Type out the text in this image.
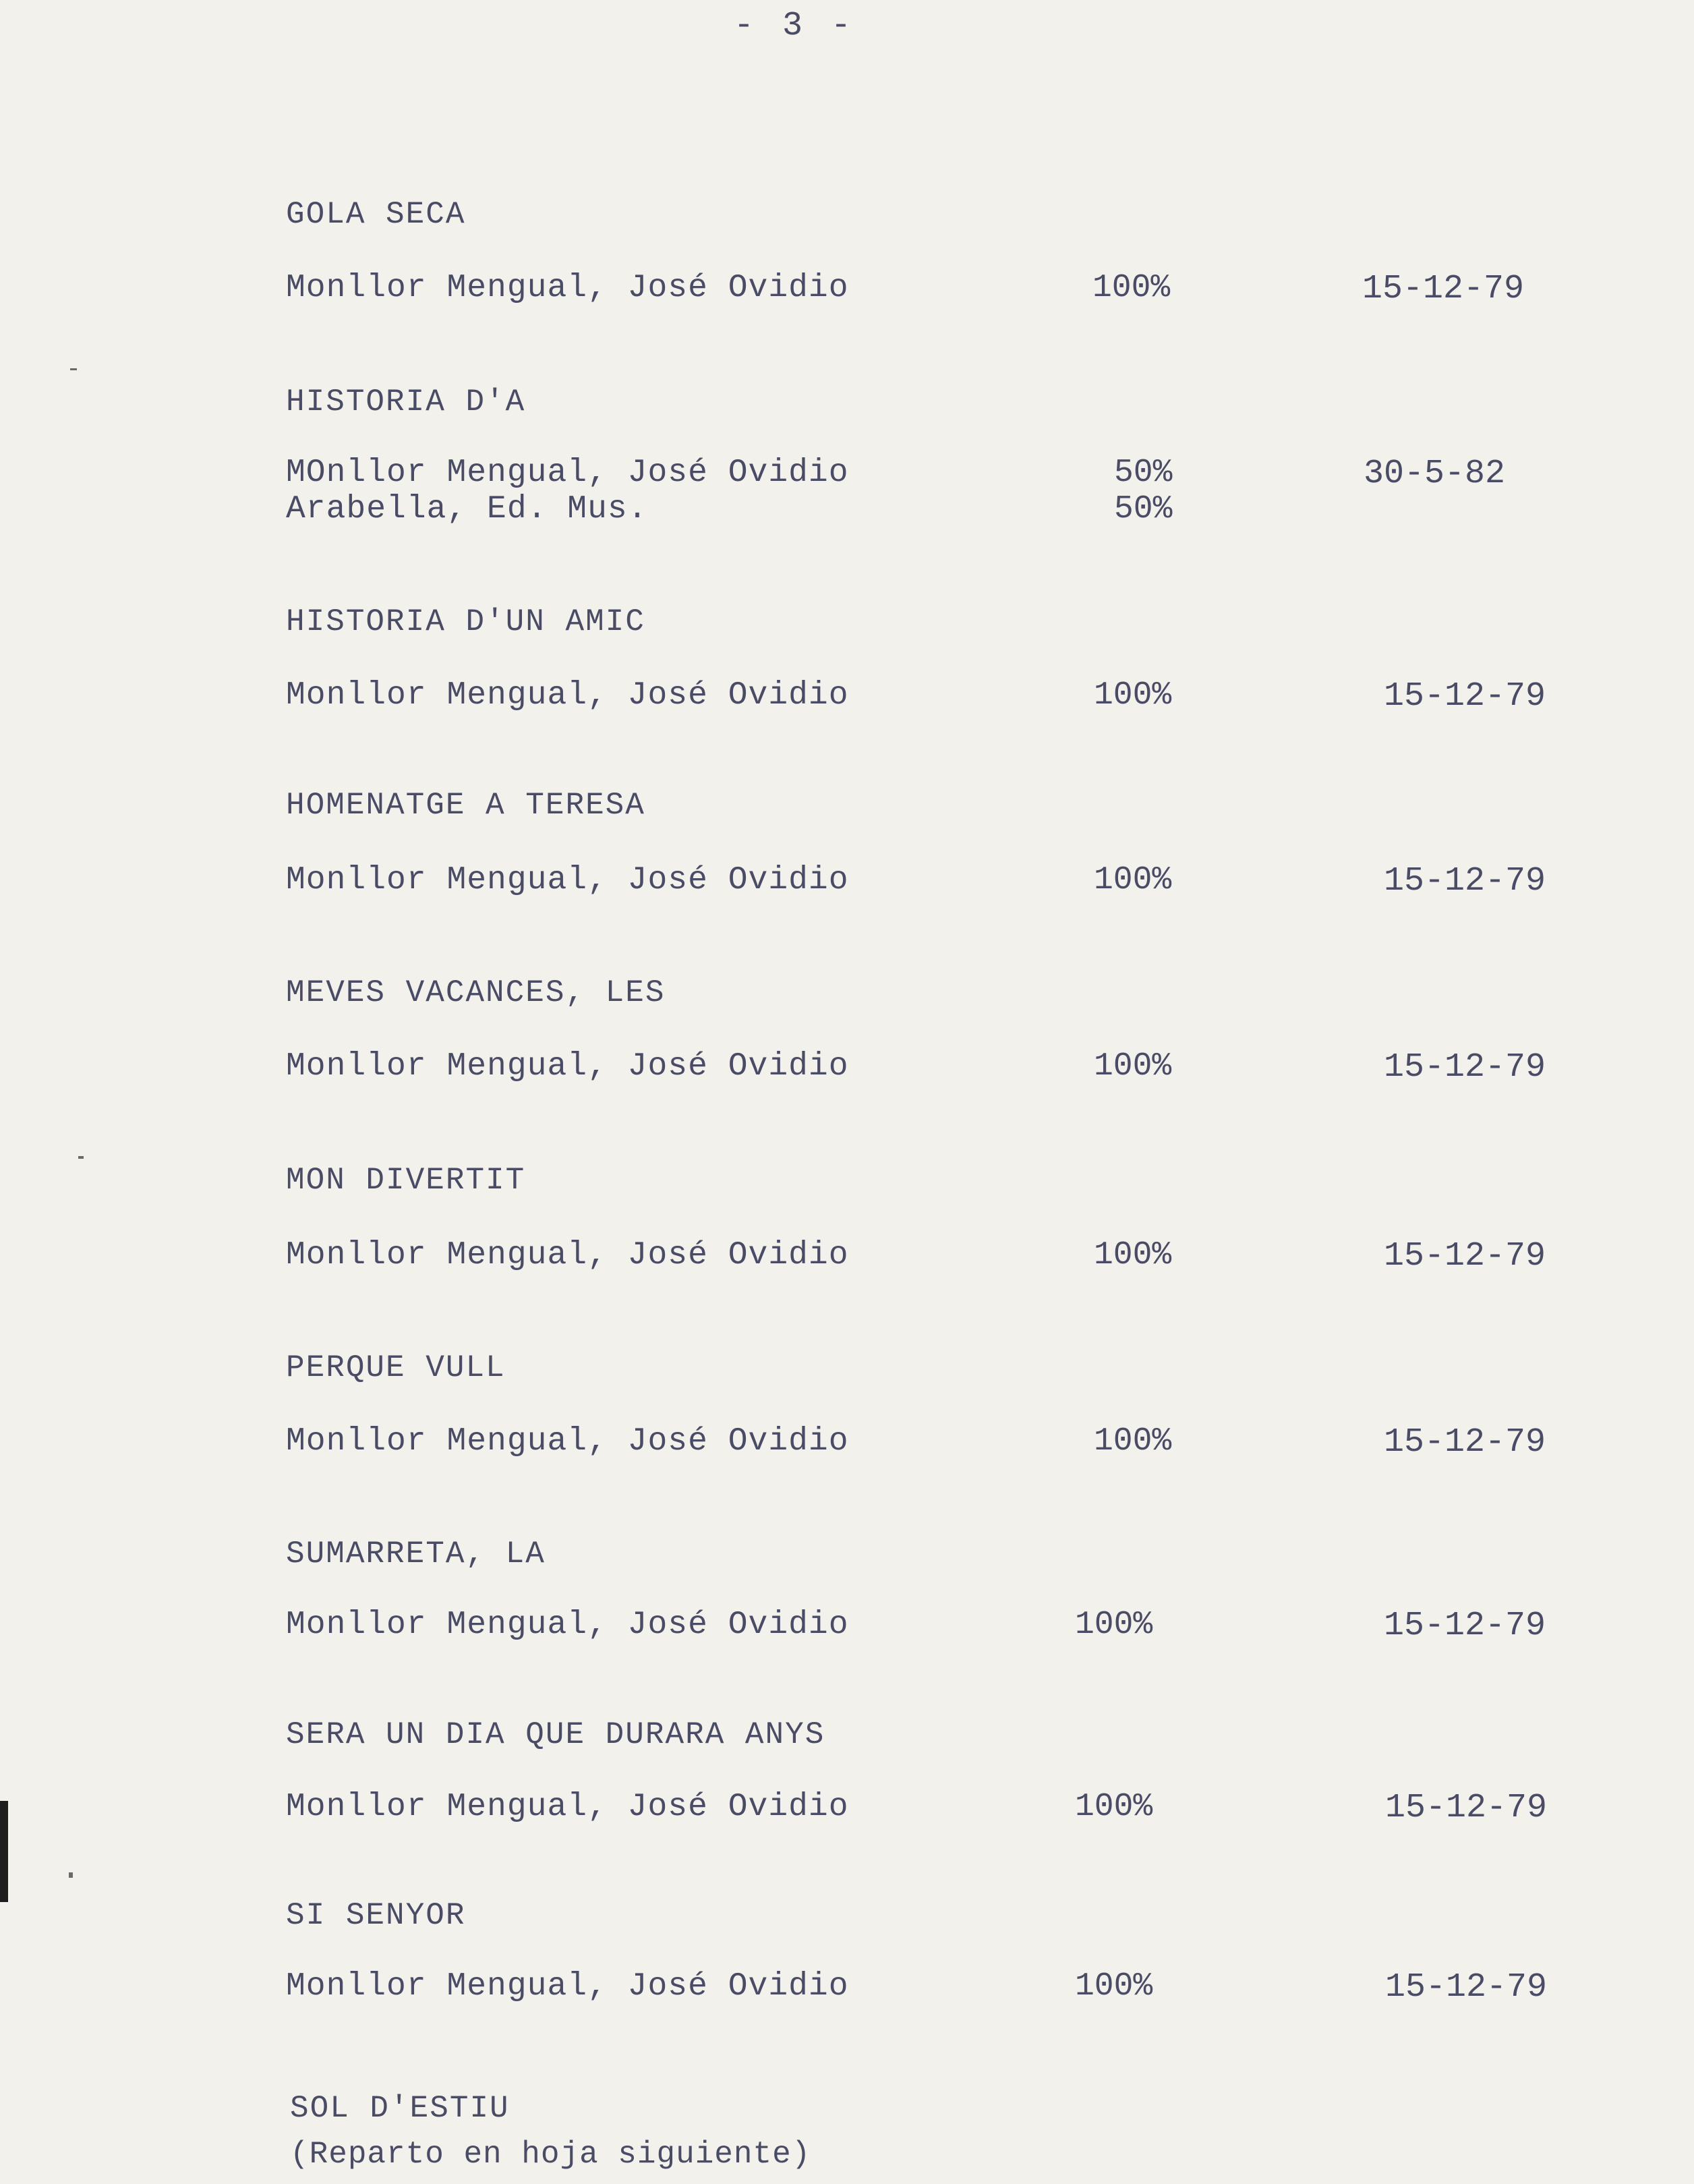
- 3 -
GOLA SECA
Monllor Mengual, José Ovidio	100%	15-12-79
HISTORIA D'A
MOnllor Mengual, José Ovidio	50%	30-5-82
Arabella, Ed. Mus.	50%
HISTORIA D'UN AMIC
Monllor Mengual, José Ovidio	100%	15-12-79
HOMENATGE A TERESA
Monllor Mengual, José Ovidio	100%	15-12-79
MEVES VACANCES, LES
Monllor Mengual, José Ovidio	100%	15-12-79
MON DIVERTIT
Monllor Mengual, José Ovidio	100%	15-12-79
PERQUE VULL
Monllor Mengual, José Ovidio	100%	15-12-79
SUMARRETA, LA
Monllor Mengual, José Ovidio	100%	15-12-79
SERA UN DIA QUE DURARA ANYS
Monllor Mengual, José Ovidio	100%	15-12-79
SI SENYOR
Monllor Mengual, José Ovidio	100%	15-12-79
SOL D'ESTIU
(Reparto en hoja siguiente)
